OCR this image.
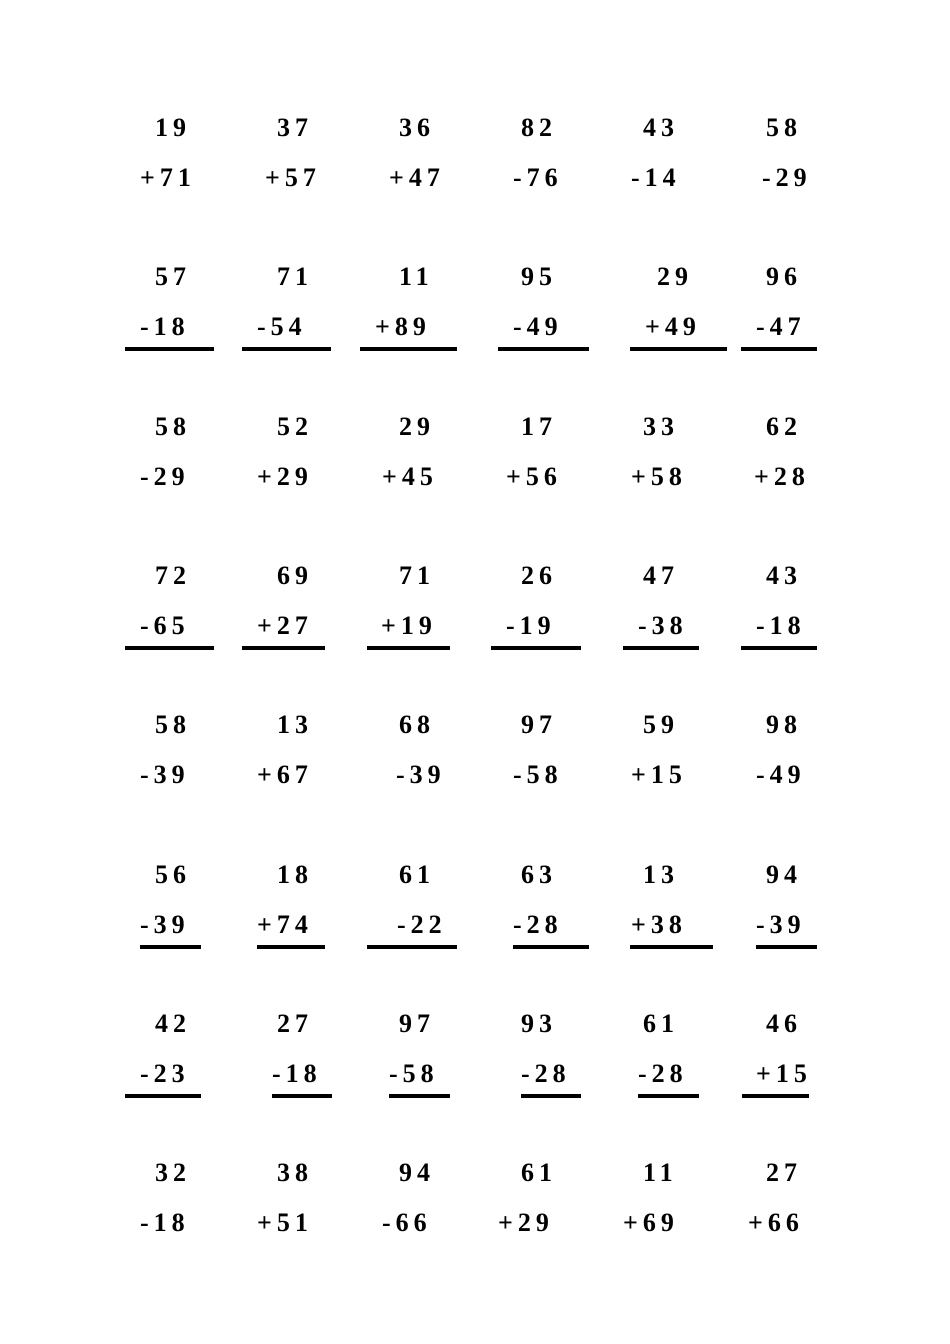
19
+71
37
+57
36
+47
82
-76
43
-14
58
-29
57
-18
71
-54
11
+89
95
-49
29
+49
96
-47
58
-29
52
+29
29
+45
17
+56
33
+58
62
+28
72
-65
69
+27
71
+19
26
-19
47
-38
43
-18
58
-39
13
+67
68
-39
97
-58
59
+15
98
-49
56
-39
18
+74
61
-22
63
-28
13
+38
94
-39
42
-23
27
-18
97
-58
93
-28
61
-28
46
+15
32
-18
38
+51
94
-66
61
+29
11
+69
27
+66
